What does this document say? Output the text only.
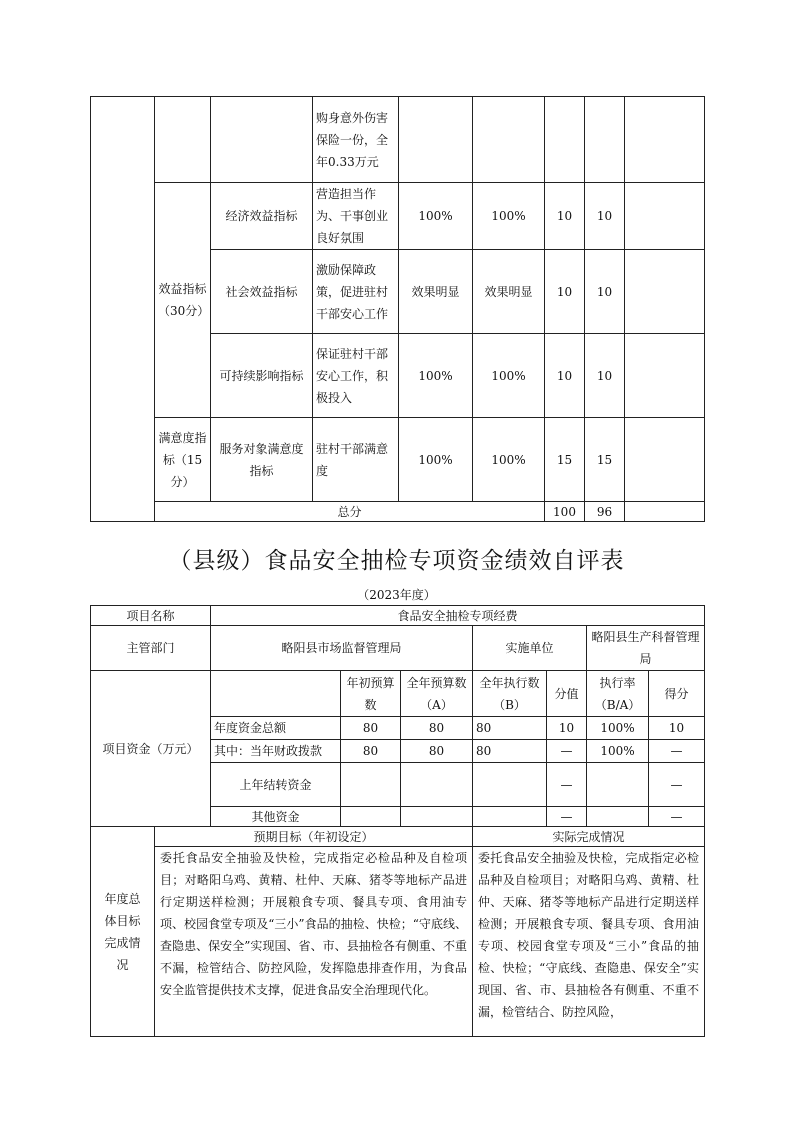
			购身意外伤害保险一份，全年0.33万元					
	效益指标（30分）	经济效益指标	营造担当作为、干事创业良好氛围	100%	100%	10	10	
		社会效益指标	激励保障政策，促进驻村干部安心工作	效果明显	效果明显	10	10	
		可持续影响指标	保证驻村干部安心工作，积极投入	100%	100%	10	10	
	满意度指标（15分）	服务对象满意度指标	驻村干部满意度	100%	100%	15	15	
	总分					100	96	
（县级）食品安全抽检专项资金绩效自评表
（2023年度）
项目名称		食品安全抽检专项经费						
主管部门		略阳县市场监督管理局			实施单位		略阳县生产科督管理局	
项目资金（万元）			年初预算数	全年预算数（A）	全年执行数（B）	分值	执行率（B/A）	得分
		年度资金总额	80	80	80	10	100%	10
		其中：当年财政拨款	80	80	80	—	100%	—
		上年结转资金				—		—
		其他资金				—		—
年度总体目标完成情况	预期目标（年初设定）				实际完成情况			
	委托食品安全抽验及快检，完成指定必检品种及自检项目；对略阳乌鸡、黄精、杜仲、天麻、猪苓等地标产品进行定期送样检测；开展粮食专项、餐具专项、食用油专项、校园食堂专项及“三小”食品的抽检、快检；“守底线、查隐患、保安全”实现国、省、市、县抽检各有侧重、不重不漏，检管结合、防控风险，发挥隐患排查作用，为食品安全监管提供技术支撑，促进食品安全治理现代化。				委托食品安全抽验及快检，完成指定必检品种及自检项目；对略阳乌鸡、黄精、杜仲、天麻、猪苓等地标产品进行定期送样检测；开展粮食专项、餐具专项、食用油专项、校园食堂专项及“三小”食品的抽检、快检；“守底线、查隐患、保安全”实现国、省、市、县抽检各有侧重、不重不漏，检管结合、防控风险，			
